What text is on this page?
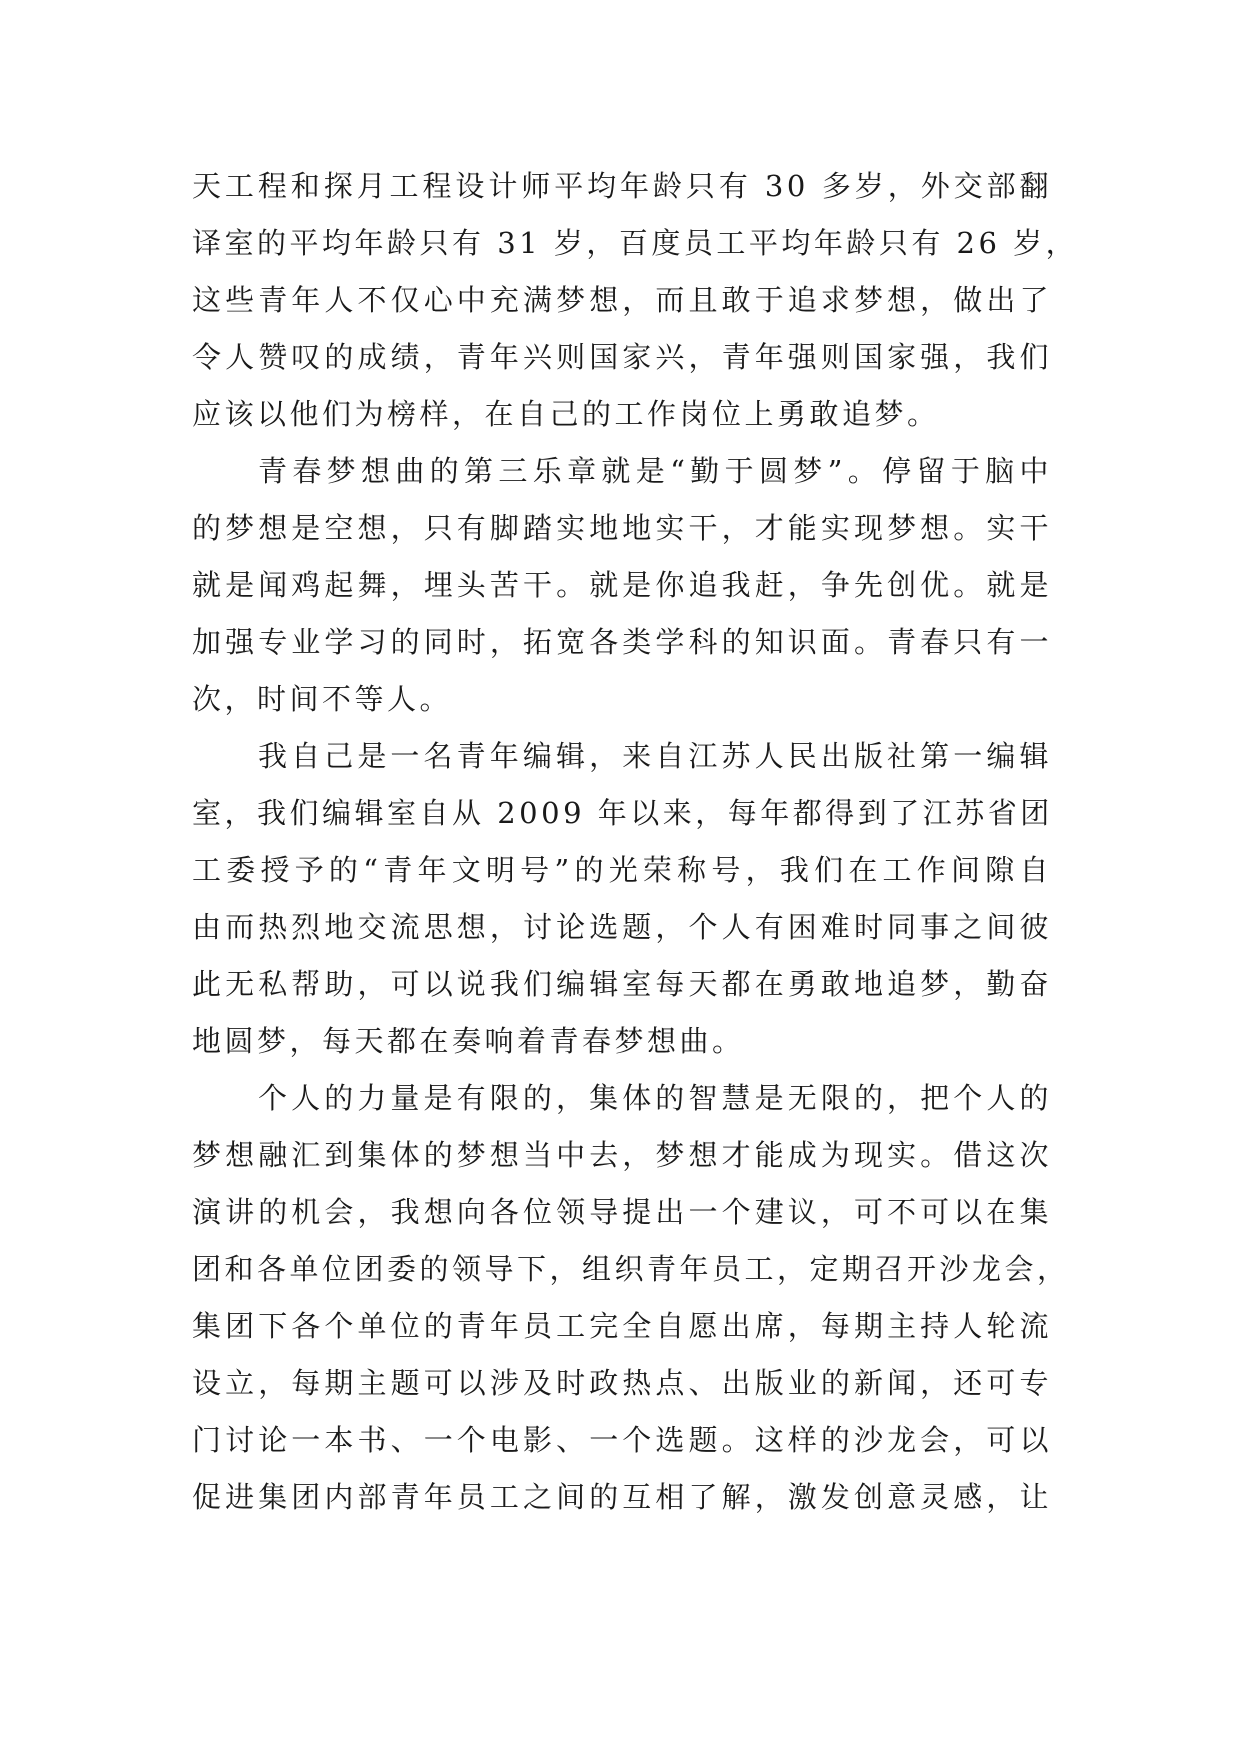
天工程和探月工程设计师平均年龄只有 30 多岁，外交部翻
译室的平均年龄只有 31 岁，百度员工平均年龄只有 26 岁，
这些青年人不仅心中充满梦想，而且敢于追求梦想，做出了
令人赞叹的成绩，青年兴则国家兴，青年强则国家强，我们
应该以他们为榜样，在自己的工作岗位上勇敢追梦。
青春梦想曲的第三乐章就是“勤于圆梦”。停留于脑中
的梦想是空想，只有脚踏实地地实干，才能实现梦想。实干
就是闻鸡起舞，埋头苦干。就是你追我赶，争先创优。就是
加强专业学习的同时，拓宽各类学科的知识面。青春只有一
次，时间不等人。
我自己是一名青年编辑，来自江苏人民出版社第一编辑
室，我们编辑室自从 2009 年以来，每年都得到了江苏省团
工委授予的“青年文明号”的光荣称号，我们在工作间隙自
由而热烈地交流思想，讨论选题，个人有困难时同事之间彼
此无私帮助，可以说我们编辑室每天都在勇敢地追梦，勤奋
地圆梦，每天都在奏响着青春梦想曲。
个人的力量是有限的，集体的智慧是无限的，把个人的
梦想融汇到集体的梦想当中去，梦想才能成为现实。借这次
演讲的机会，我想向各位领导提出一个建议，可不可以在集
团和各单位团委的领导下，组织青年员工，定期召开沙龙会，
集团下各个单位的青年员工完全自愿出席，每期主持人轮流
设立，每期主题可以涉及时政热点、出版业的新闻，还可专
门讨论一本书、一个电影、一个选题。这样的沙龙会，可以
促进集团内部青年员工之间的互相了解，激发创意灵感，让
